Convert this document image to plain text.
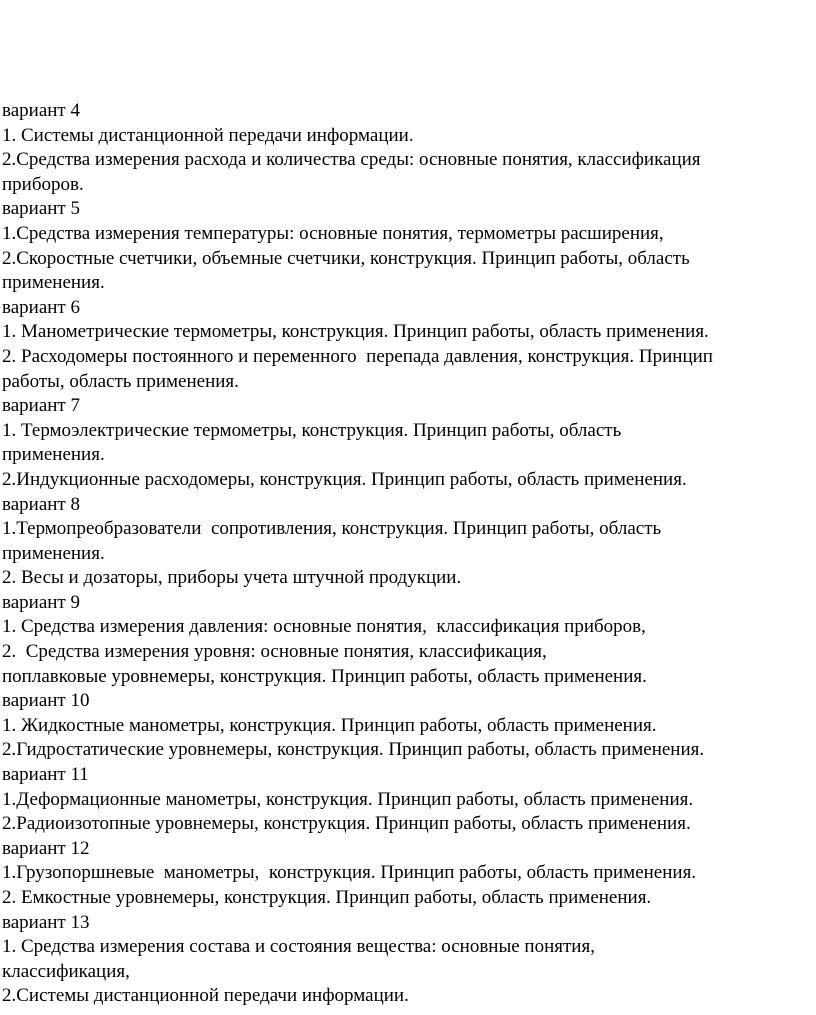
вариант 4
1. Системы дистанционной передачи информации.
2.Средства измерения расхода и количества среды: основные понятия, классификация
приборов.
вариант 5
1.Средства измерения температуры: основные понятия, термометры расширения,
2.Скоростные счетчики, объемные счетчики, конструкция. Принцип работы, область
применения.
вариант 6
1. Манометрические термометры, конструкция. Принцип работы, область применения.
2. Расходомеры постоянного и переменного  перепада давления, конструкция. Принцип
работы, область применения.
вариант 7
1. Термоэлектрические термометры, конструкция. Принцип работы, область
применения.
2.Индукционные расходомеры, конструкция. Принцип работы, область применения.
вариант 8
1.Термопреобразователи  сопротивления, конструкция. Принцип работы, область
применения.
2. Весы и дозаторы, приборы учета штучной продукции.
вариант 9
1. Средства измерения давления: основные понятия,  классификация приборов,
2.  Средства измерения уровня: основные понятия, классификация,
поплавковые уровнемеры, конструкция. Принцип работы, область применения.
вариант 10
1. Жидкостные манометры, конструкция. Принцип работы, область применения.
2.Гидростатические уровнемеры, конструкция. Принцип работы, область применения.
вариант 11
1.Деформационные манометры, конструкция. Принцип работы, область применения.
2.Радиоизотопные уровнемеры, конструкция. Принцип работы, область применения.
вариант 12
1.Грузопоршневые  манометры,  конструкция. Принцип работы, область применения.
2. Емкостные уровнемеры, конструкция. Принцип работы, область применения.
вариант 13
1. Средства измерения состава и состояния вещества: основные понятия,
классификация,
2.Системы дистанционной передачи информации.
